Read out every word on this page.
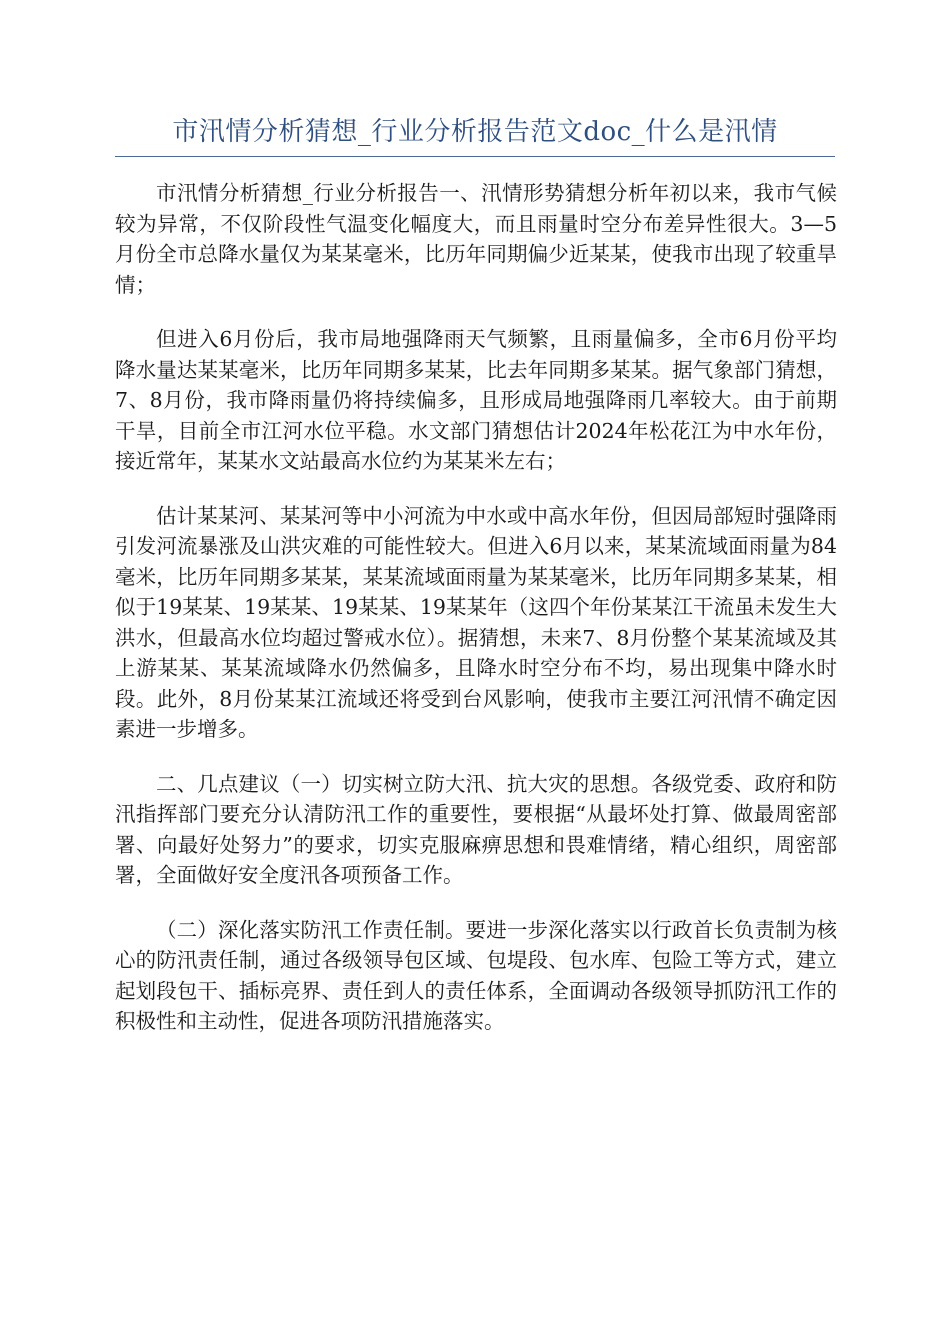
市汛情分析猜想_行业分析报告范文doc_什么是汛情

市汛情分析猜想_行业分析报告一、汛情形势猜想分析年初以来，我市气候较为异常，不仅阶段性气温变化幅度大，而且雨量时空分布差异性很大。3—5月份全市总降水量仅为某某毫米，比历年同期偏少近某某，使我市出现了较重旱情；

但进入6月份后，我市局地强降雨天气频繁，且雨量偏多，全市6月份平均降水量达某某毫米，比历年同期多某某，比去年同期多某某。据气象部门猜想，7、8月份，我市降雨量仍将持续偏多，且形成局地强降雨几率较大。由于前期干旱，目前全市江河水位平稳。水文部门猜想估计2024年松花江为中水年份，接近常年，某某水文站最高水位约为某某米左右；

估计某某河、某某河等中小河流为中水或中高水年份，但因局部短时强降雨引发河流暴涨及山洪灾难的可能性较大。但进入6月以来，某某流域面雨量为84毫米，比历年同期多某某，某某流域面雨量为某某毫米，比历年同期多某某，相似于19某某、19某某、19某某、19某某年（这四个年份某某江干流虽未发生大洪水，但最高水位均超过警戒水位）。据猜想，未来7、8月份整个某某流域及其上游某某、某某流域降水仍然偏多，且降水时空分布不均，易出现集中降水时段。此外，8月份某某江流域还将受到台风影响，使我市主要江河汛情不确定因素进一步增多。

二、几点建议（一）切实树立防大汛、抗大灾的思想。各级党委、政府和防汛指挥部门要充分认清防汛工作的重要性，要根据“从最坏处打算、做最周密部署、向最好处努力”的要求，切实克服麻痹思想和畏难情绪，精心组织，周密部署，全面做好安全度汛各项预备工作。

（二）深化落实防汛工作责任制。要进一步深化落实以行政首长负责制为核心的防汛责任制，通过各级领导包区域、包堤段、包水库、包险工等方式，建立起划段包干、插标亮界、责任到人的责任体系，全面调动各级领导抓防汛工作的积极性和主动性，促进各项防汛措施落实。
